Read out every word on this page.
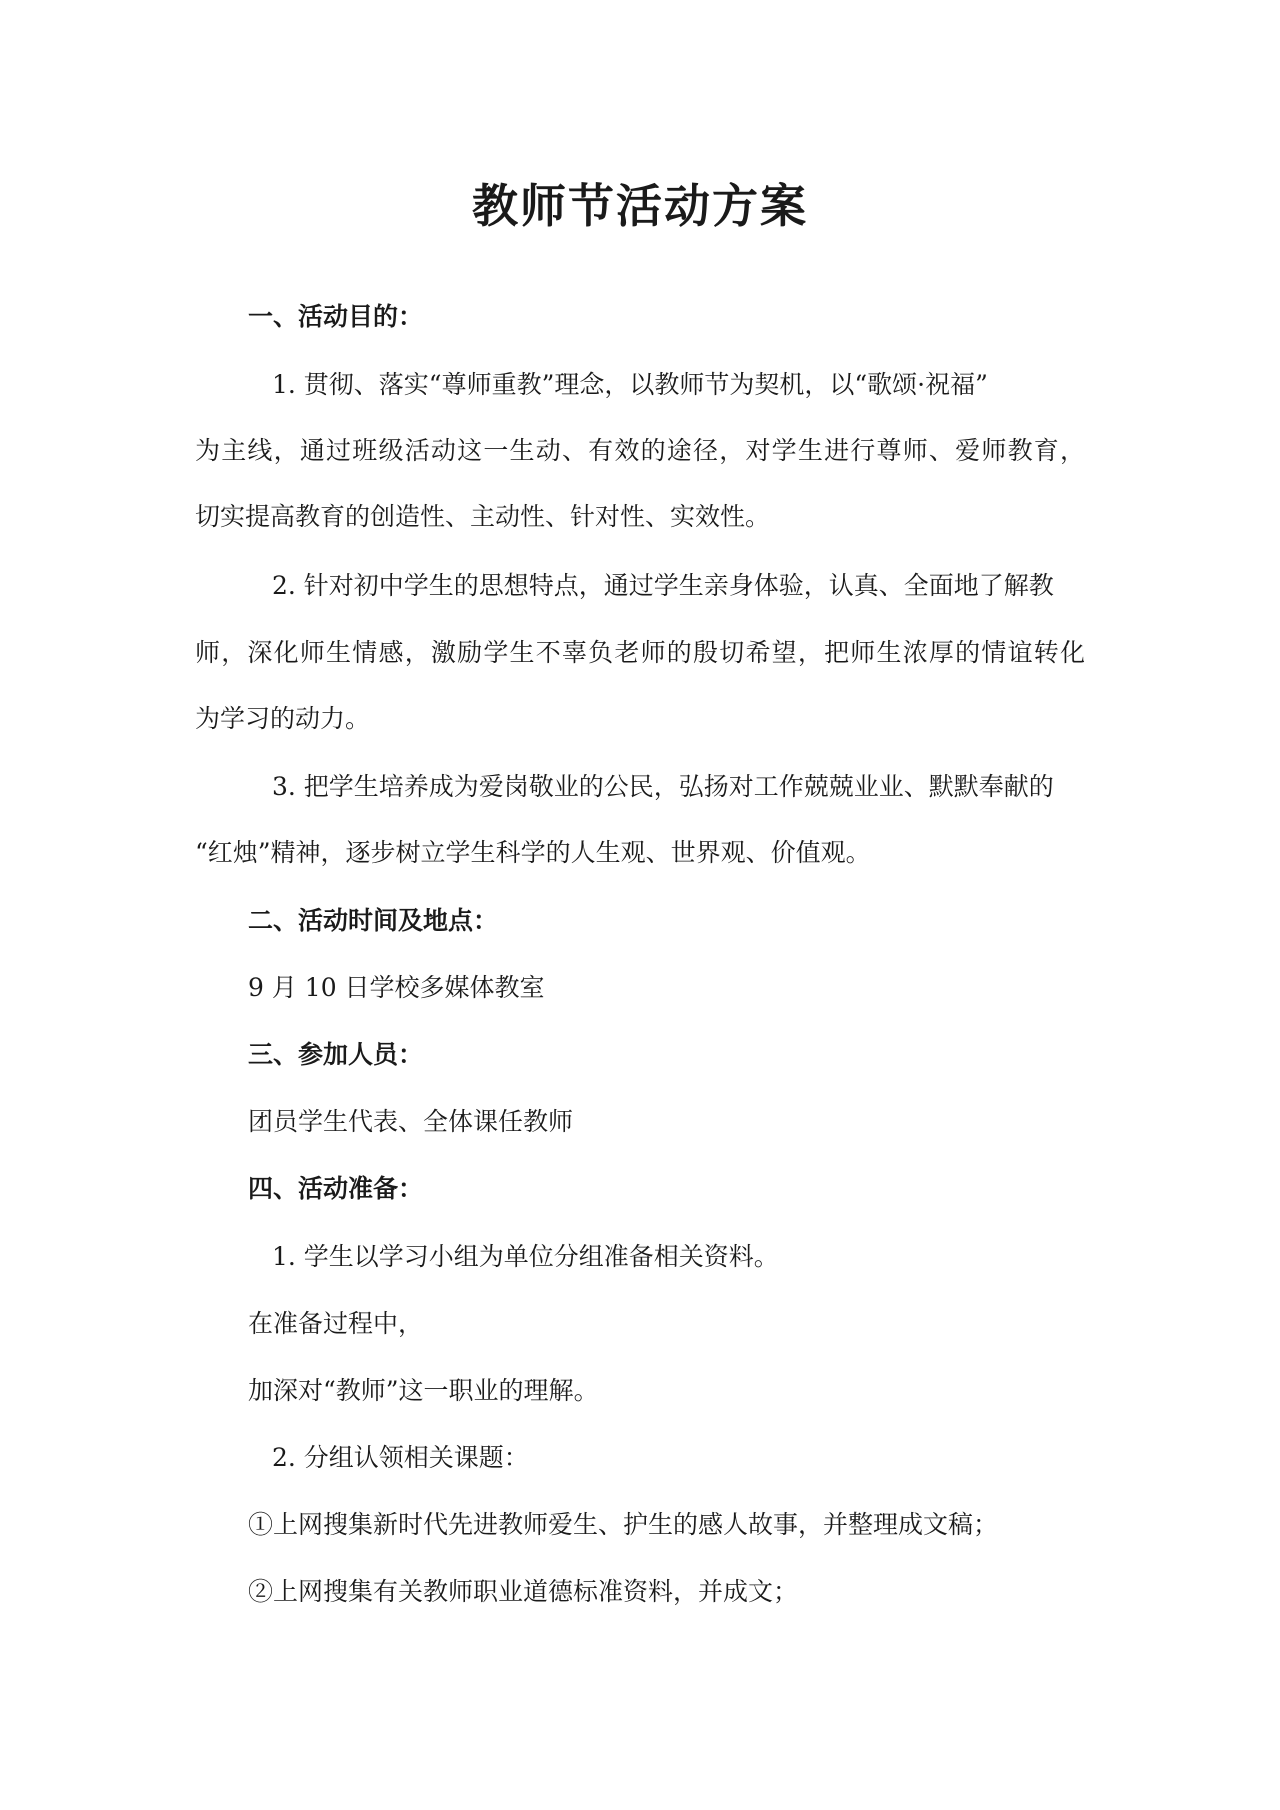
教师节活动方案
一、活动目的：
1. 贯彻、落实“尊师重教”理念，以教师节为契机，以“歌颂·祝福”
为主线，通过班级活动这一生动、有效的途径，对学生进行尊师、爱师教育，
切实提高教育的创造性、主动性、针对性、实效性。
2. 针对初中学生的思想特点，通过学生亲身体验，认真、全面地了解教
师，深化师生情感，激励学生不辜负老师的殷切希望，把师生浓厚的情谊转化
为学习的动力。
3. 把学生培养成为爱岗敬业的公民，弘扬对工作兢兢业业、默默奉献的
“红烛”精神，逐步树立学生科学的人生观、世界观、价值观。
二、活动时间及地点：
9 月 10 日学校多媒体教室
三、参加人员：
团员学生代表、全体课任教师
四、活动准备：
1. 学生以学习小组为单位分组准备相关资料。
在准备过程中，
加深对“教师”这一职业的理解。
2. 分组认领相关课题：
①上网搜集新时代先进教师爱生、护生的感人故事，并整理成文稿；
②上网搜集有关教师职业道德标准资料，并成文；
